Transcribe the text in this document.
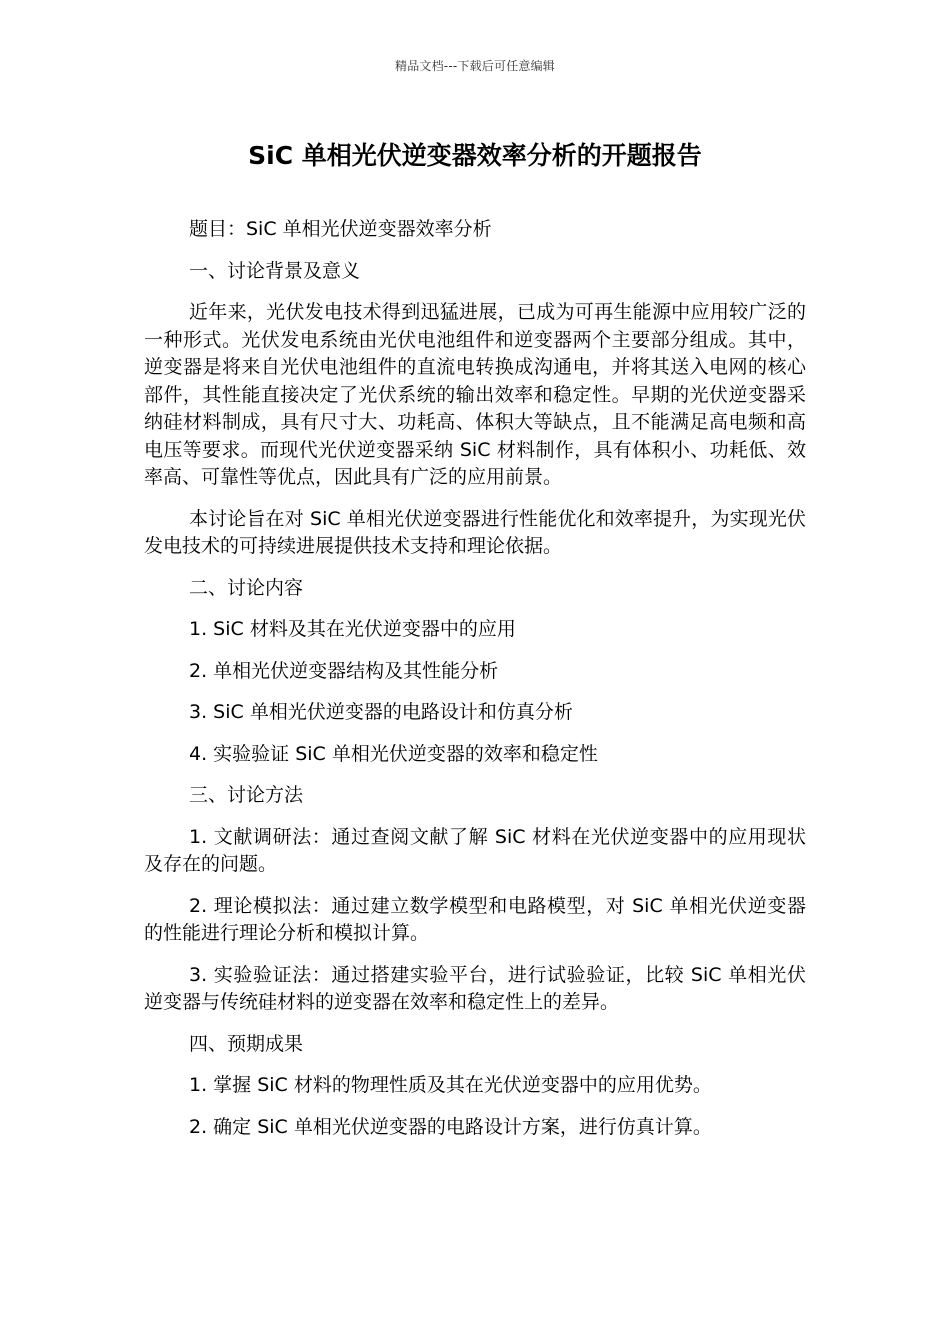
精品文档---下载后可任意编辑
SiC 单相光伏逆变器效率分析的开题报告

题目：SiC 单相光伏逆变器效率分析

一、讨论背景及意义

近年来，光伏发电技术得到迅猛进展，已成为可再生能源中应用较广泛的一种形式。光伏发电系统由光伏电池组件和逆变器两个主要部分组成。其中，逆变器是将来自光伏电池组件的直流电转换成沟通电，并将其送入电网的核心部件，其性能直接决定了光伏系统的输出效率和稳定性。早期的光伏逆变器采纳硅材料制成，具有尺寸大、功耗高、体积大等缺点，且不能满足高电频和高电压等要求。而现代光伏逆变器采纳 SiC 材料制作，具有体积小、功耗低、效率高、可靠性等优点，因此具有广泛的应用前景。

本讨论旨在对 SiC 单相光伏逆变器进行性能优化和效率提升，为实现光伏发电技术的可持续进展提供技术支持和理论依据。

二、讨论内容

1. SiC 材料及其在光伏逆变器中的应用

2. 单相光伏逆变器结构及其性能分析

3. SiC 单相光伏逆变器的电路设计和仿真分析

4. 实验验证 SiC 单相光伏逆变器的效率和稳定性

三、讨论方法

1. 文献调研法：通过查阅文献了解 SiC 材料在光伏逆变器中的应用现状及存在的问题。

2. 理论模拟法：通过建立数学模型和电路模型，对 SiC 单相光伏逆变器的性能进行理论分析和模拟计算。

3. 实验验证法：通过搭建实验平台，进行试验验证，比较 SiC 单相光伏逆变器与传统硅材料的逆变器在效率和稳定性上的差异。

四、预期成果

1. 掌握 SiC 材料的物理性质及其在光伏逆变器中的应用优势。

2. 确定 SiC 单相光伏逆变器的电路设计方案，进行仿真计算。
